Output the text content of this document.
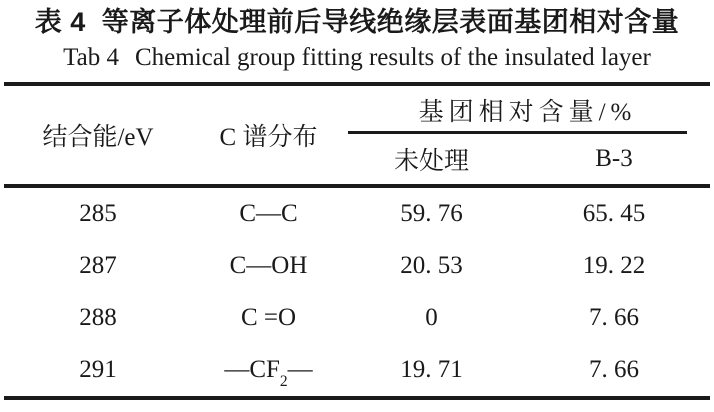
表 4 等离子体处理前后导线绝缘层表面基团相对含量
Tab 4 Chemical group fitting results of the insulated layer
结合能/eV	C 谱分布	基团相对含量/%	

		未处理	B-3
285	C—C	59. 76	65. 45
287	C—OH	20. 53	19. 22
288	C =O	0	7. 66
291	$—CF_2—$	19. 71	7. 66
